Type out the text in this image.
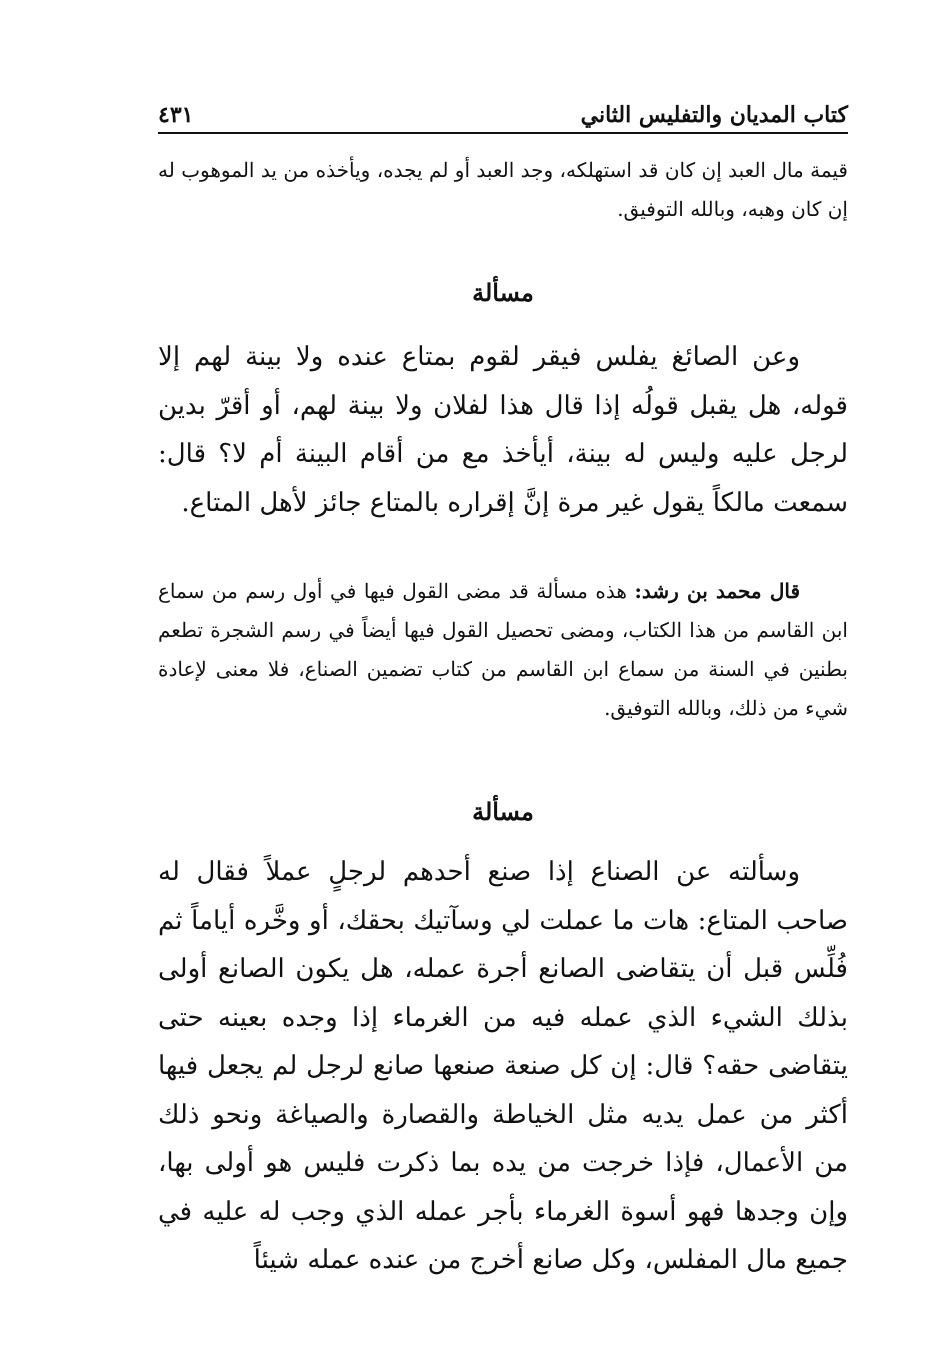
كتاب المديان والتفليس الثاني
٤٣١

قيمة مال العبد إن كان قد استهلكه، وجد العبد أو لم يجده، ويأخذه من يد الموهوب له إن كان وهبه، وبالله التوفيق.

مسألة

وعن الصائغ يفلس فيقر لقوم بمتاع عنده ولا بينة لهم إلا قوله، هل يقبل قولُه إذا قال هذا لفلان ولا بينة لهم، أو أقرّ بدين لرجل عليه وليس له بينة، أيأخذ مع من أقام البينة أم لا؟ قال: سمعت مالكاً يقول غير مرة إنَّ إقراره بالمتاع جائز لأهل المتاع.

قال محمد بن رشد: هذه مسألة قد مضى القول فيها في أول رسم من سماع ابن القاسم من هذا الكتاب، ومضى تحصيل القول فيها أيضاً في رسم الشجرة تطعم بطنين في السنة من سماع ابن القاسم من كتاب تضمين الصناع، فلا معنى لإعادة شيء من ذلك، وبالله التوفيق.

مسألة

وسألته عن الصناع إذا صنع أحدهم لرجلٍ عملاً فقال له صاحب المتاع: هات ما عملت لي وسآتيك بحقك، أو وخَّره أياماً ثم فُلِّس قبل أن يتقاضى الصانع أجرة عمله، هل يكون الصانع أولى بذلك الشيء الذي عمله فيه من الغرماء إذا وجده بعينه حتى يتقاضى حقه؟ قال: إن كل صنعة صنعها صانع لرجل لم يجعل فيها أكثر من عمل يديه مثل الخياطة والقصارة والصياغة ونحو ذلك من الأعمال، فإذا خرجت من يده بما ذكرت فليس هو أولى بها، وإن وجدها فهو أسوة الغرماء بأجر عمله الذي وجب له عليه في جميع مال المفلس، وكل صانع أخرج من عنده عمله شيئاً
